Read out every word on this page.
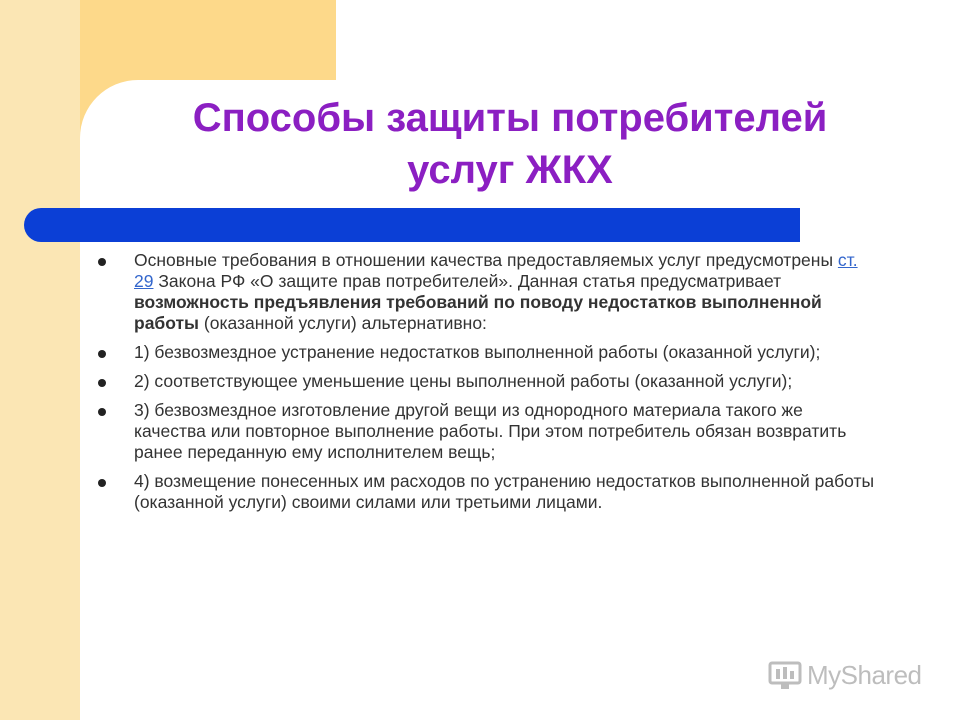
Способы защиты потребителей
услуг ЖКХ
Основные требования в отношении качества предоставляемых услуг предусмотрены ст. 29 Закона РФ «О защите прав потребителей». Данная статья предусматривает возможность предъявления требований по поводу недостатков выполненной работы (оказанной услуги) альтернативно:
1) безвозмездное устранение недостатков выполненной работы (оказанной услуги);
2) соответствующее уменьшение цены выполненной работы (оказанной услуги);
3) безвозмездное изготовление другой вещи из однородного материала такого же качества или повторное выполнение работы. При этом потребитель обязан возвратить ранее переданную ему исполнителем вещь;
4) возмещение понесенных им расходов по устранению недостатков выполненной работы (оказанной услуги) своими силами или третьими лицами.
MyShared
